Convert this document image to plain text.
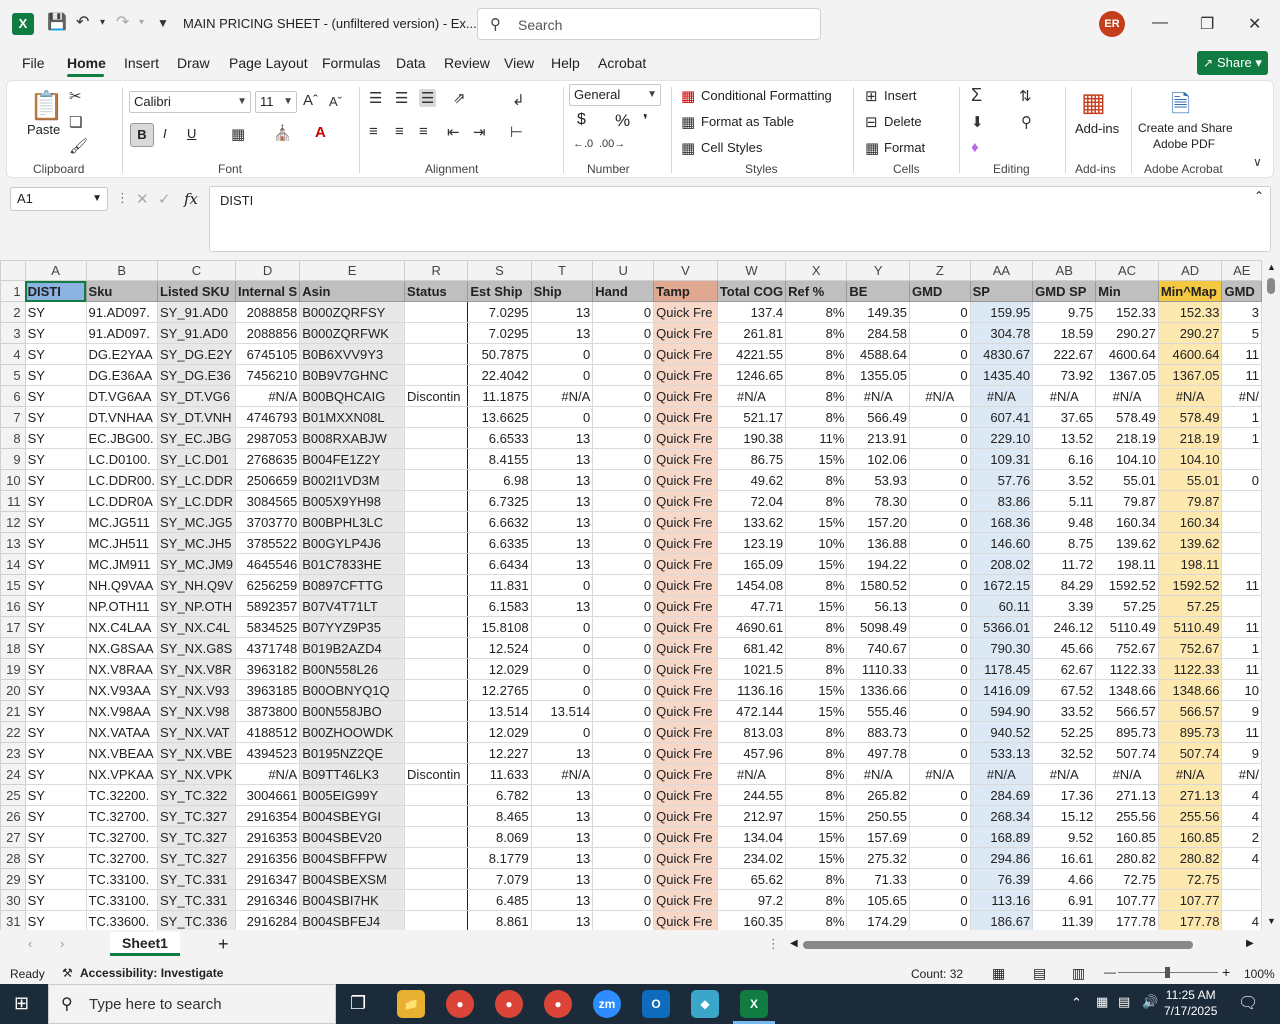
X	💾 ↶ ▾ ↷ ▾ ▼ MAIN PRICING SHEET - (unfiltered version) - Ex... ⚲ Search	ER	— ❐ ✕
File Home Insert Draw Page Layout Formulas Data Review View Help Acrobat	↗ Share ▾
📋
Paste
✂
❏
🖌
Clipboard
Calibri	▼	11 ▼ Aˆ Aˇ
B	I U ▦ ⛪ A
Font
☰ ☰ ☰ ⇗	↲
≡ ≡ ≡ ⇤ ⇥ ⊢
Alignment
General	▼
$ % ❜
←.0 .00→
Number
▦ Conditional Formatting
▦ Format as Table
▦ Cell Styles
Styles
⊞ Insert
⊟ Delete
▦ Format
Cells
Σ ⇅
⬇ ⚲
♦
Editing
▦
Add-ins
Add-ins
🗎
Create and Share
Adobe PDF
Adobe Acrobat	∨
A1	▼ ⋮ ✕ ✓ fx DISTI	⌃
	A	B	C	D	E	R	S	T	U	V	W	X	Y	Z	AA	AB	AC	AD	AE
1	DISTI	Sku	Listed SKU	Internal S	Asin	Status	Est Ship	Ship	Hand	Tamp	Total COG	Ref %	BE	GMD	SP	GMD SP	Min	Min^Map	GMD
2	SY	91.AD097.	SY_91.AD0	2088858	B000ZQRFSY		7.0295	13	0	Quick Fre	137.4	8%	149.35	0	159.95	9.75	152.33	152.33	3
3	SY	91.AD097.	SY_91.AD0	2088856	B000ZQRFWK		7.0295	13	0	Quick Fre	261.81	8%	284.58	0	304.78	18.59	290.27	290.27	5
4	SY	DG.E2YAA	SY_DG.E2Y	6745105	B0B6XVV9Y3		50.7875	0	0	Quick Fre	4221.55	8%	4588.64	0	4830.67	222.67	4600.64	4600.64	11
5	SY	DG.E36AA	SY_DG.E36	7456210	B0B9V7GHNC		22.4042	0	0	Quick Fre	1246.65	8%	1355.05	0	1435.40	73.92	1367.05	1367.05	11
6	SY	DT.VG6AA	SY_DT.VG6	#N/A	B00BQHCAIG	Discontin	11.1875	#N/A	0	Quick Fre	#N/A	8%	#N/A	#N/A	#N/A	#N/A	#N/A	#N/A	#N/
7	SY	DT.VNHAA	SY_DT.VNH	4746793	B01MXXN08L		13.6625	0	0	Quick Fre	521.17	8%	566.49	0	607.41	37.65	578.49	578.49	1
8	SY	EC.JBG00.	SY_EC.JBG	2987053	B008RXABJW		6.6533	13	0	Quick Fre	190.38	11%	213.91	0	229.10	13.52	218.19	218.19	1
9	SY	LC.D0100.	SY_LC.D01	2768635	B004FE1Z2Y		8.4155	13	0	Quick Fre	86.75	15%	102.06	0	109.31	6.16	104.10	104.10	
10	SY	LC.DDR00.	SY_LC.DDR	2506659	B002I1VD3M		6.98	13	0	Quick Fre	49.62	8%	53.93	0	57.76	3.52	55.01	55.01	0
11	SY	LC.DDR0A	SY_LC.DDR	3084565	B005X9YH98		6.7325	13	0	Quick Fre	72.04	8%	78.30	0	83.86	5.11	79.87	79.87	
12	SY	MC.JG511	SY_MC.JG5	3703770	B00BPHL3LC		6.6632	13	0	Quick Fre	133.62	15%	157.20	0	168.36	9.48	160.34	160.34	
13	SY	MC.JH511	SY_MC.JH5	3785522	B00GYLP4J6		6.6335	13	0	Quick Fre	123.19	10%	136.88	0	146.60	8.75	139.62	139.62	
14	SY	MC.JM911	SY_MC.JM9	4645546	B01C7833HE		6.6434	13	0	Quick Fre	165.09	15%	194.22	0	208.02	11.72	198.11	198.11	
15	SY	NH.Q9VAA	SY_NH.Q9V	6256259	B0897CFTTG		11.831	0	0	Quick Fre	1454.08	8%	1580.52	0	1672.15	84.29	1592.52	1592.52	11
16	SY	NP.OTH11	SY_NP.OTH	5892357	B07V4T71LT		6.1583	13	0	Quick Fre	47.71	15%	56.13	0	60.11	3.39	57.25	57.25	
17	SY	NX.C4LAA	SY_NX.C4L	5834525	B07YYZ9P35		15.8108	0	0	Quick Fre	4690.61	8%	5098.49	0	5366.01	246.12	5110.49	5110.49	11
18	SY	NX.G8SAA	SY_NX.G8S	4371748	B019B2AZD4		12.524	0	0	Quick Fre	681.42	8%	740.67	0	790.30	45.66	752.67	752.67	1
19	SY	NX.V8RAA	SY_NX.V8R	3963182	B00N558L26		12.029	0	0	Quick Fre	1021.5	8%	1110.33	0	1178.45	62.67	1122.33	1122.33	11
20	SY	NX.V93AA	SY_NX.V93	3963185	B00OBNYQ1Q		12.2765	0	0	Quick Fre	1136.16	15%	1336.66	0	1416.09	67.52	1348.66	1348.66	10
21	SY	NX.V98AA	SY_NX.V98	3873800	B00N558JBO		13.514	13.514	0	Quick Fre	472.144	15%	555.46	0	594.90	33.52	566.57	566.57	9
22	SY	NX.VATAA	SY_NX.VAT	4188512	B00ZHOOWDK		12.029	0	0	Quick Fre	813.03	8%	883.73	0	940.52	52.25	895.73	895.73	11
23	SY	NX.VBEAA	SY_NX.VBE	4394523	B0195NZ2QE		12.227	13	0	Quick Fre	457.96	8%	497.78	0	533.13	32.52	507.74	507.74	9
24	SY	NX.VPKAA	SY_NX.VPK	#N/A	B09TT46LK3	Discontin	11.633	#N/A	0	Quick Fre	#N/A	8%	#N/A	#N/A	#N/A	#N/A	#N/A	#N/A	#N/
25	SY	TC.32200.	SY_TC.322	3004661	B005EIG99Y		6.782	13	0	Quick Fre	244.55	8%	265.82	0	284.69	17.36	271.13	271.13	4
26	SY	TC.32700.	SY_TC.327	2916354	B004SBEYGI		8.465	13	0	Quick Fre	212.97	15%	250.55	0	268.34	15.12	255.56	255.56	4
27	SY	TC.32700.	SY_TC.327	2916353	B004SBEV20		8.069	13	0	Quick Fre	134.04	15%	157.69	0	168.89	9.52	160.85	160.85	2
28	SY	TC.32700.	SY_TC.327	2916356	B004SBFFPW		8.1779	13	0	Quick Fre	234.02	15%	275.32	0	294.86	16.61	280.82	280.82	4
29	SY	TC.33100.	SY_TC.331	2916347	B004SBEXSM		7.079	13	0	Quick Fre	65.62	8%	71.33	0	76.39	4.66	72.75	72.75	
30	SY	TC.33100.	SY_TC.331	2916346	B004SBI7HK		6.485	13	0	Quick Fre	97.2	8%	105.65	0	113.16	6.91	107.77	107.77	
31	SY	TC.33600.	SY_TC.336	2916284	B004SBFEJ4		8.861	13	0	Quick Fre	160.35	8%	174.29	0	186.67	11.39	177.78	177.78	4
▲
▼
‹ ›	+	⋮ ◀	▶
Sheet1
Ready ⚒ Accessibility: Investigate	Count: 32 ▦ ▤ ▥ —	+ 100%
⊞ ⚲ Type here to search	❐	📁	●	●	●	zm	O	◆	X	⌃ ▦ ▤ 🔊 11:25 AM
7/17/2025 🗨
